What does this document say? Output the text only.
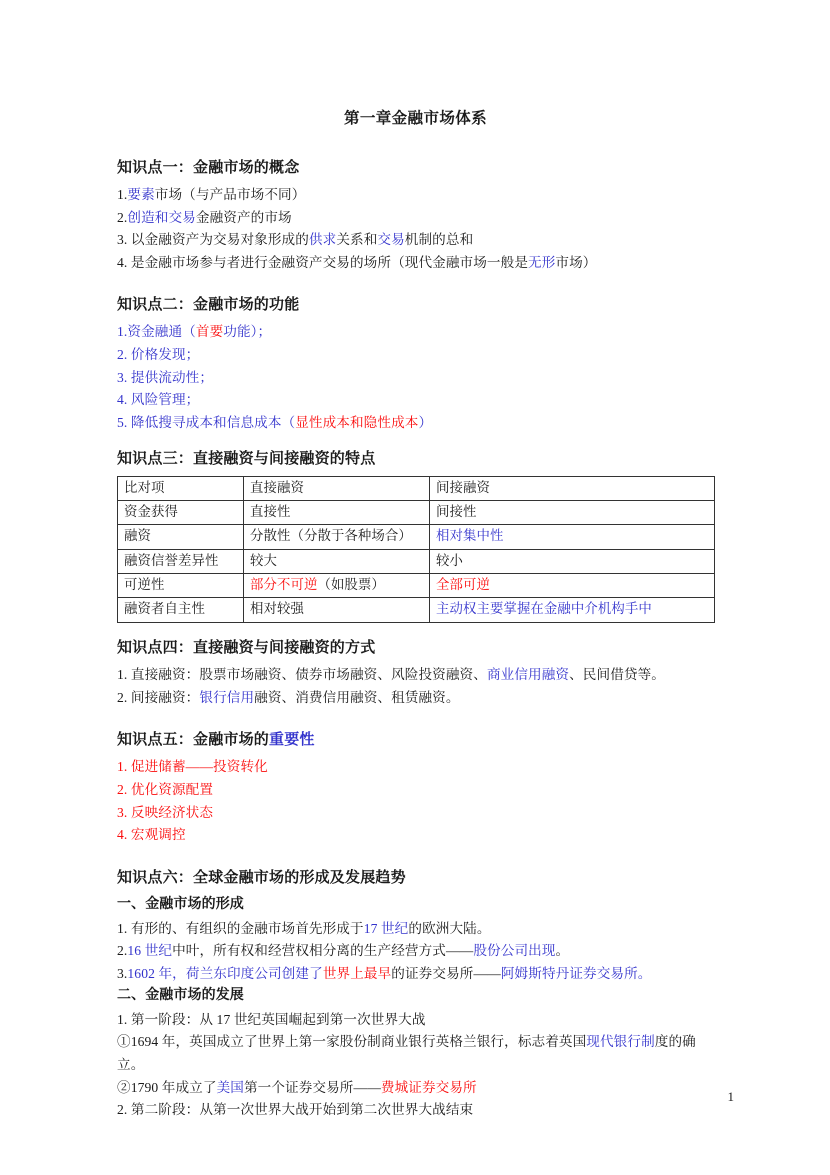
第一章金融市场体系
知识点一：金融市场的概念
1.要素市场（与产品市场不同）
2.创造和交易金融资产的市场
3. 以金融资产为交易对象形成的供求关系和交易机制的总和
4. 是金融市场参与者进行金融资产交易的场所（现代金融市场一般是无形市场）
知识点二：金融市场的功能
1.资金融通（首要功能）；
2. 价格发现；
3. 提供流动性；
4. 风险管理；
5. 降低搜寻成本和信息成本（显性成本和隐性成本）
知识点三：直接融资与间接融资的特点
比对项	直接融资	间接融资
资金获得	直接性	间接性
融资	分散性（分散于各种场合）	相对集中性
融资信誉差异性	较大	较小
可逆性	部分不可逆（如股票）	全部可逆
融资者自主性	相对较强	主动权主要掌握在金融中介机构手中
知识点四：直接融资与间接融资的方式
1. 直接融资：股票市场融资、债券市场融资、风险投资融资、商业信用融资、民间借贷等。
2. 间接融资：银行信用融资、消费信用融资、租赁融资。
知识点五：金融市场的重要性
1. 促进储蓄——投资转化
2. 优化资源配置
3. 反映经济状态
4. 宏观调控
知识点六：全球金融市场的形成及发展趋势
一、金融市场的形成
1. 有形的、有组织的金融市场首先形成于17 世纪的欧洲大陆。
2.16 世纪中叶，所有权和经营权相分离的生产经营方式——股份公司出现。
3.1602 年，荷兰东印度公司创建了世界上最早的证券交易所——阿姆斯特丹证券交易所。
二、金融市场的发展
1. 第一阶段：从 17 世纪英国崛起到第一次世界大战
①1694 年，英国成立了世界上第一家股份制商业银行英格兰银行，标志着英国现代银行制度的确立。
②1790 年成立了美国第一个证券交易所——费城证券交易所
2. 第二阶段：从第一次世界大战开始到第二次世界大战结束
1
